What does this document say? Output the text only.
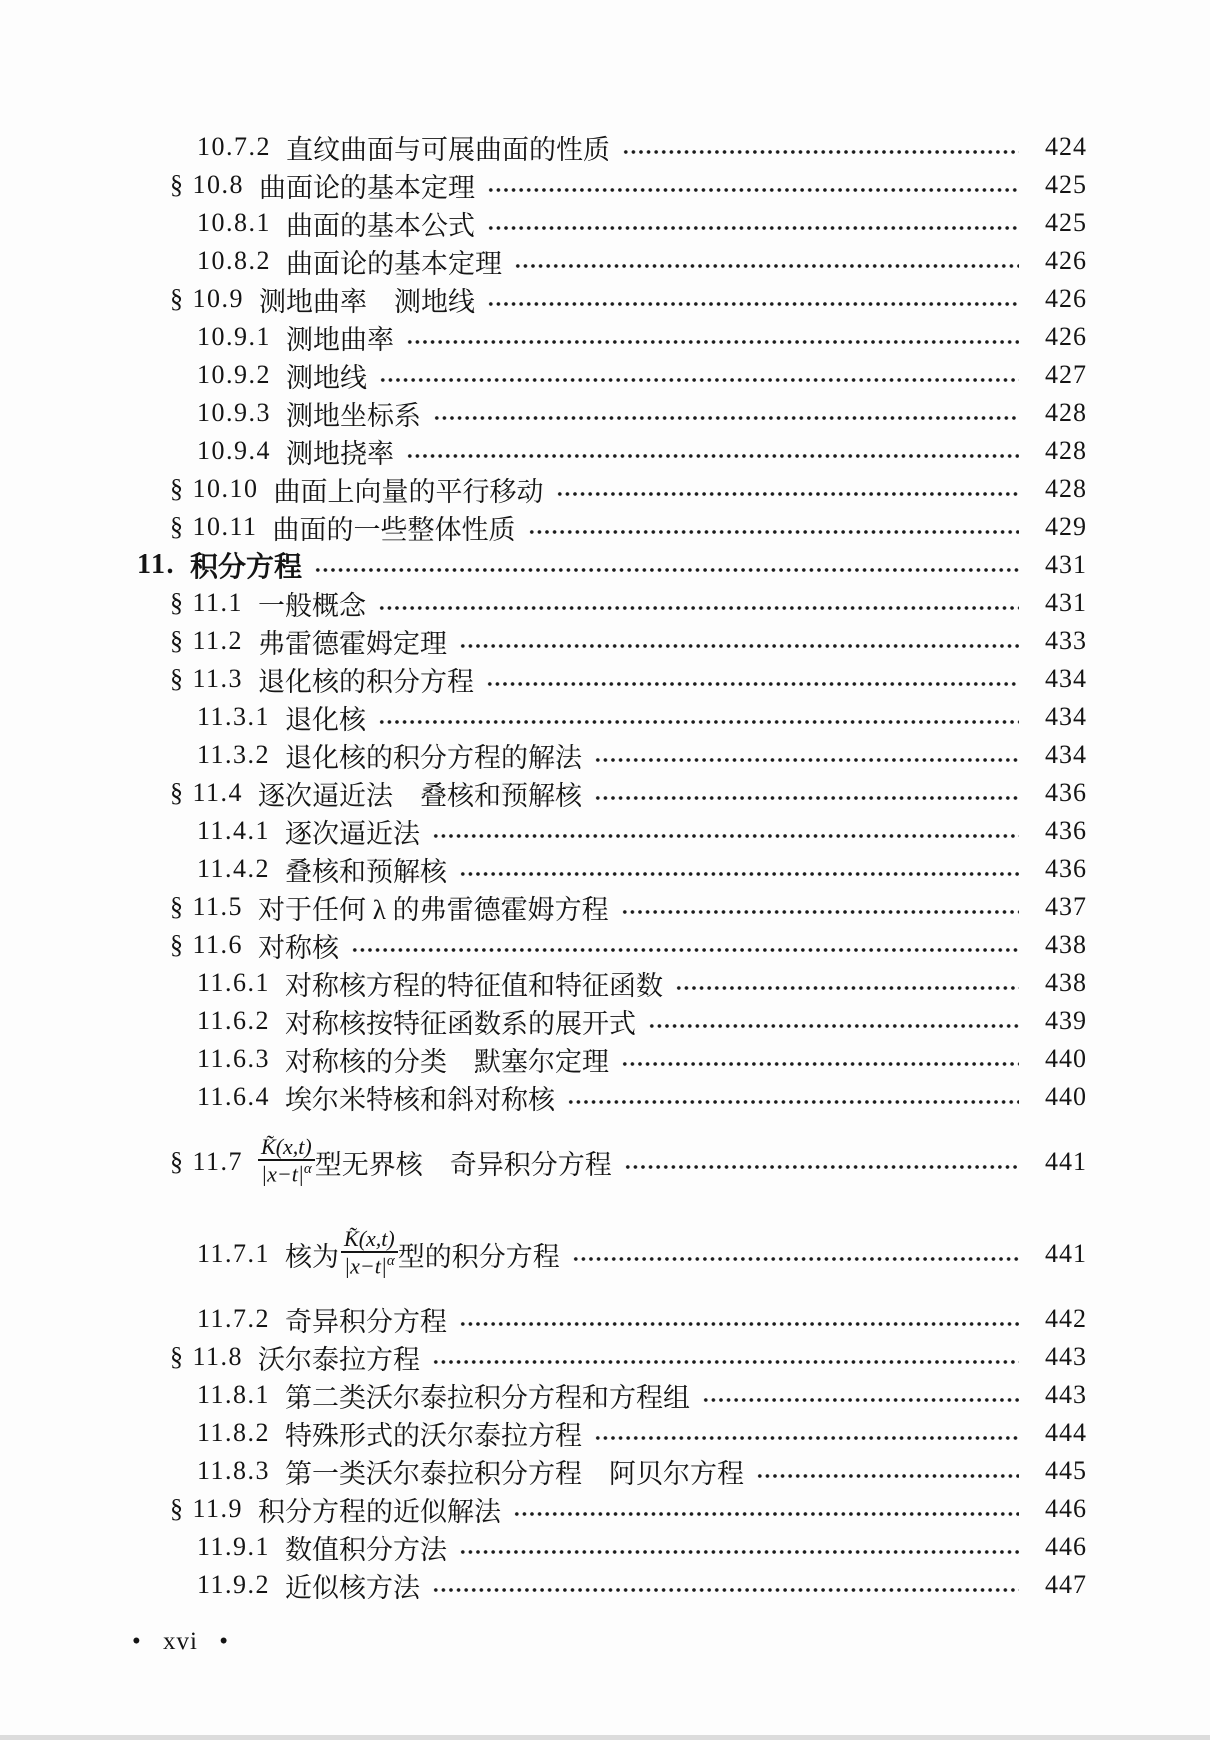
10.7.2 直纹曲面与可展曲面的性质	424
§ 10.8 曲面论的基本定理	425
10.8.1 曲面的基本公式	425
10.8.2 曲面论的基本定理	426
§ 10.9 测地曲率　测地线	426
10.9.1 测地曲率	426
10.9.2 测地线	427
10.9.3 测地坐标系	428
10.9.4 测地挠率	428
§ 10.10 曲面上向量的平行移动	428
§ 10.11 曲面的一些整体性质	429
11. 积分方程	431
§ 11.1 一般概念	431
§ 11.2 弗雷德霍姆定理	433
§ 11.3 退化核的积分方程	434
11.3.1 退化核	434
11.3.2 退化核的积分方程的解法	434
§ 11.4 逐次逼近法　叠核和预解核	436
11.4.1 逐次逼近法	436
11.4.2 叠核和预解核	436
§ 11.5 对于任何 λ 的弗雷德霍姆方程	437
§ 11.6 对称核	438
11.6.1 对称核方程的特征值和特征函数	438
11.6.2 对称核按特征函数系的展开式	439
11.6.3 对称核的分类　默塞尔定理	440
11.6.4 埃尔米特核和斜对称核	440
§ $11.7 \frac{K̃(x,t)}{|x-t|^\alpha}$ 型无界核　奇异积分方程	441
11.7.1 核为 $\frac{K̃(x,t)}{|x-t|^\alpha}$ 型的积分方程	441
11.7.2 奇异积分方程	442
§ 11.8 沃尔泰拉方程	443
11.8.1 第二类沃尔泰拉积分方程和方程组	443
11.8.2 特殊形式的沃尔泰拉方程	444
11.8.3 第一类沃尔泰拉积分方程　阿贝尔方程	445
§ 11.9 积分方程的近似解法	446
11.9.1 数值积分方法	446
11.9.2 近似核方法	447
• xvi •
